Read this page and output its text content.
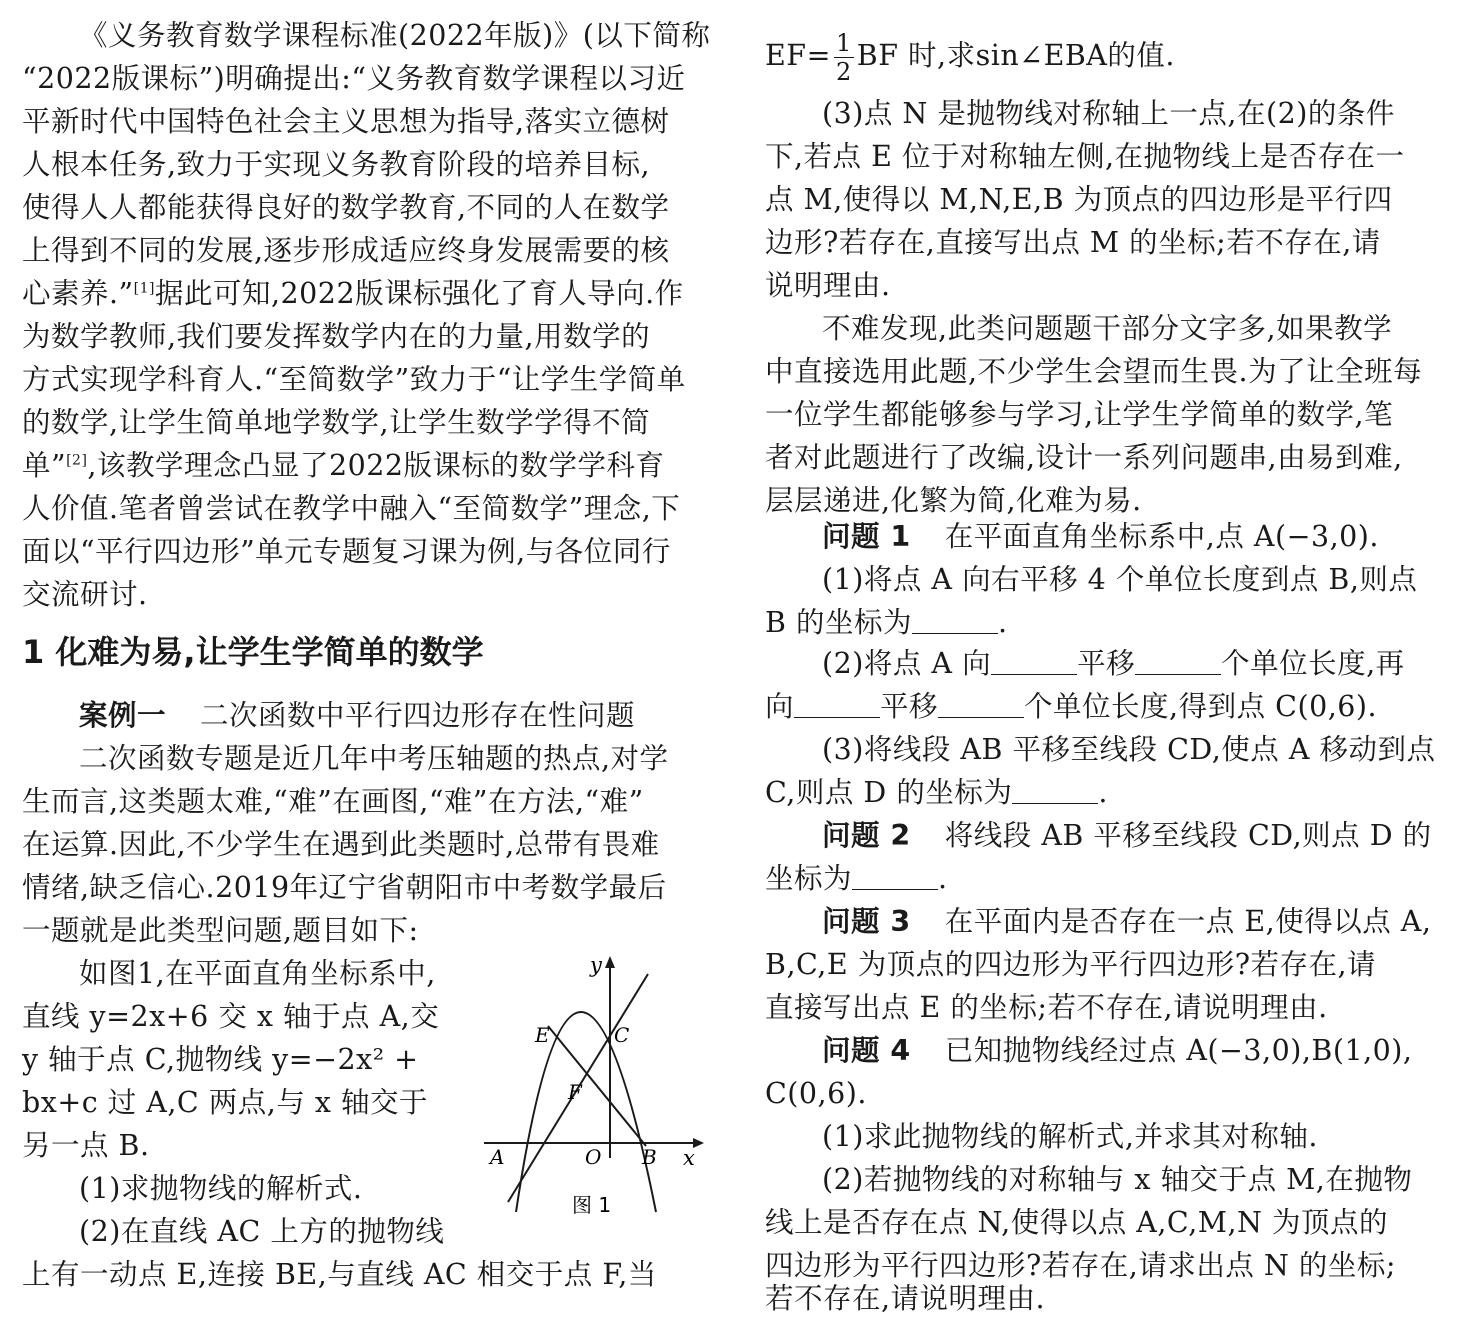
《义务教育数学课程标准(2022年版)》(以下简称
“2022版课标”)明确提出:“义务教育数学课程以习近
平新时代中国特色社会主义思想为指导,落实立德树
人根本任务,致力于实现义务教育阶段的培养目标,
使得人人都能获得良好的数学教育,不同的人在数学
上得到不同的发展,逐步形成适应终身发展需要的核
心素养.”[1]据此可知,2022版课标强化了育人导向.作
为数学教师,我们要发挥数学内在的力量,用数学的
方式实现学科育人.“至简数学”致力于“让学生学简单
的数学,让学生简单地学数学,让学生数学学得不简
单”[2],该教学理念凸显了2022版课标的数学学科育
人价值.笔者曾尝试在教学中融入“至简数学”理念,下
面以“平行四边形”单元专题复习课为例,与各位同行
交流研讨.
1 化难为易,让学生学简单的数学
案例一 二次函数中平行四边形存在性问题
二次函数专题是近几年中考压轴题的热点,对学
生而言,这类题太难,“难”在画图,“难”在方法,“难”
在运算.因此,不少学生在遇到此类题时,总带有畏难
情绪,缺乏信心.2019年辽宁省朝阳市中考数学最后
一题就是此类型问题,题目如下:
如图1,在平面直角坐标系中,
直线 y=2x+6 交 x 轴于点 A,交
y 轴于点 C,抛物线 y=−2x² +
bx+c 过 A,C 两点,与 x 轴交于
另一点 B.
(1)求抛物线的解析式.
(2)在直线 AC 上方的抛物线
上有一动点 E,连接 BE,与直线 AC 相交于点 F,当
y
x
E	C
F
A	O B
图 1
$EF= \frac{1}{2}$ BF 时,求sin∠EBA的值.
(3)点 N 是抛物线对称轴上一点,在(2)的条件
下,若点 E 位于对称轴左侧,在抛物线上是否存在一
点 M,使得以 M,N,E,B 为顶点的四边形是平行四
边形?若存在,直接写出点 M 的坐标;若不存在,请
说明理由.
不难发现,此类问题题干部分文字多,如果教学
中直接选用此题,不少学生会望而生畏.为了让全班每
一位学生都能够参与学习,让学生学简单的数学,笔
者对此题进行了改编,设计一系列问题串,由易到难,
层层递进,化繁为简,化难为易.
问题 1 在平面直角坐标系中,点 A(−3,0).
(1)将点 A 向右平移 4 个单位长度到点 B,则点
B 的坐标为	.
(2)将点 A 向	平移	个单位长度,再
向	平移	个单位长度,得到点 C(0,6).
(3)将线段 AB 平移至线段 CD,使点 A 移动到点
C,则点 D 的坐标为	.
问题 2 将线段 AB 平移至线段 CD,则点 D 的
坐标为	.
问题 3 在平面内是否存在一点 E,使得以点 A,
B,C,E 为顶点的四边形为平行四边形?若存在,请
直接写出点 E 的坐标;若不存在,请说明理由.
问题 4 已知抛物线经过点 A(−3,0),B(1,0),
C(0,6).
(1)求此抛物线的解析式,并求其对称轴.
(2)若抛物线的对称轴与 x 轴交于点 M,在抛物
线上是否存在点 N,使得以点 A,C,M,N 为顶点的
四边形为平行四边形?若存在,请求出点 N 的坐标;
若不存在,请说明理由.
